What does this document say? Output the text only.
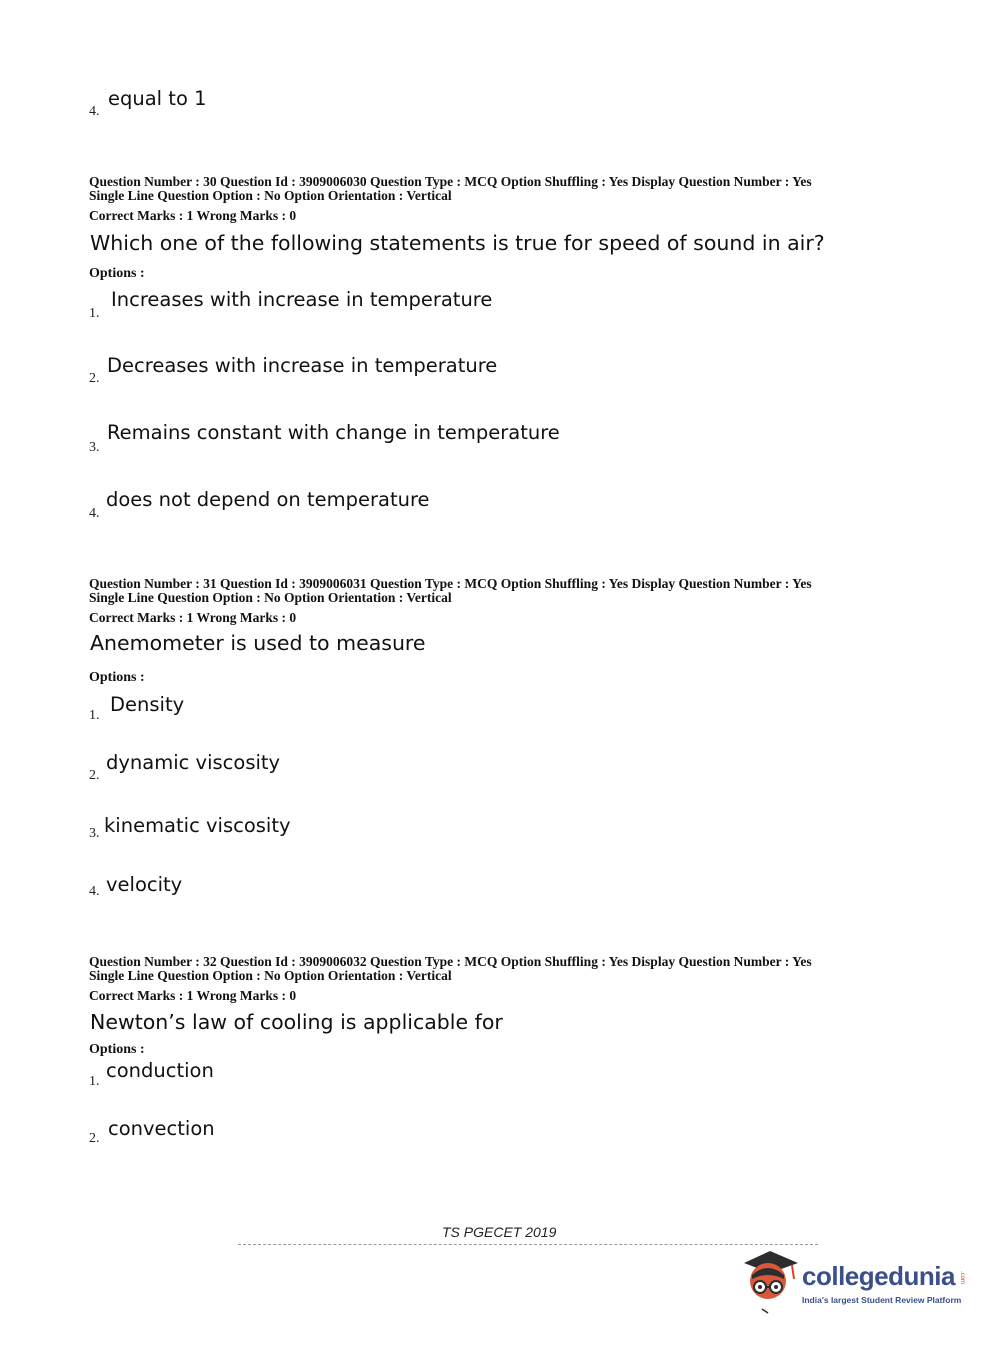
4.
equal to 1
Question Number : 30 Question Id : 3909006030 Question Type : MCQ Option Shuffling : Yes Display Question Number : Yes
Single Line Question Option : No Option Orientation : Vertical
Correct Marks : 1 Wrong Marks : 0
Which one of the following statements is true for speed of sound in air?
Options :
1.
Increases with increase in temperature
2.
Decreases with increase in temperature
3.
Remains constant with change in temperature
4.
does not depend on temperature
Question Number : 31 Question Id : 3909006031 Question Type : MCQ Option Shuffling : Yes Display Question Number : Yes
Single Line Question Option : No Option Orientation : Vertical
Correct Marks : 1 Wrong Marks : 0
Anemometer is used to measure
Options :
1. Density
2.
dynamic viscosity
3. kinematic viscosity
4. velocity
Question Number : 32 Question Id : 3909006032 Question Type : MCQ Option Shuffling : Yes Display Question Number : Yes
Single Line Question Option : No Option Orientation : Vertical
Correct Marks : 1 Wrong Marks : 0
Newton’s law of cooling is applicable for
Options :
1. conduction
2. convection
TS PGECET 2019
collegedunia .com
India's largest Student Review Platform
